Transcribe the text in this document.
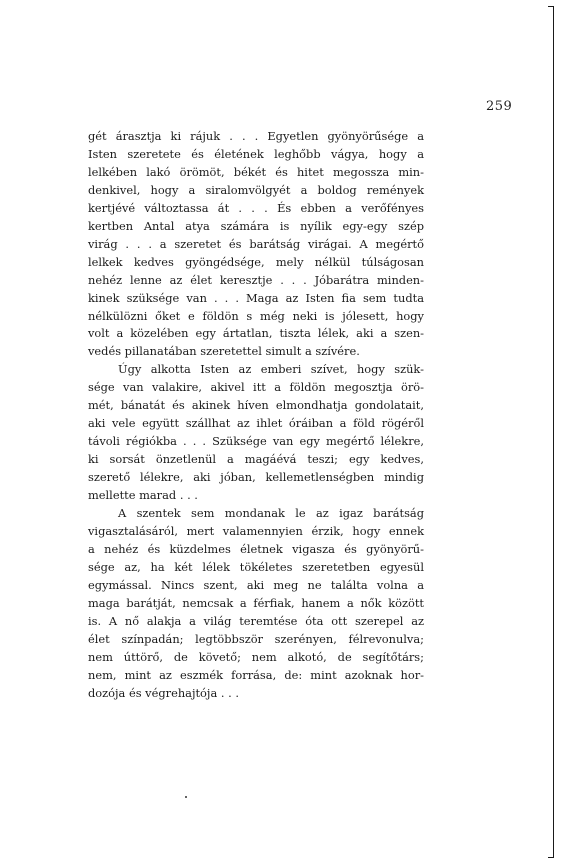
259
gét árasztja ki rájuk . . . Egyetlen gyönyörűsége a
Isten szeretete és életének leghőbb vágya, hogy a
lelkében lakó örömöt, békét és hitet megossza min-
denkivel, hogy a siralomvölgyét a boldog remények
kertjévé változtassa át . . . És ebben a verőfényes
kertben Antal atya számára is nyílik egy-egy szép
virág . . . a szeretet és barátság virágai. A megértő
lelkek kedves gyöngédsége, mely nélkül túlságosan
nehéz lenne az élet keresztje . . . Jóbarátra minden-
kinek szüksége van . . . Maga az Isten fia sem tudta
nélkülözni őket e földön s még neki is jólesett, hogy
volt a közelében egy ártatlan, tiszta lélek, aki a szen-
vedés pillanatában szeretettel simult a szívére.
Úgy alkotta Isten az emberi szívet, hogy szük-
sége van valakire, akivel itt a földön megosztja örö-
mét, bánatát és akinek híven elmondhatja gondolatait,
aki vele együtt szállhat az ihlet óráiban a föld rögéről
távoli régiókba . . . Szüksége van egy megértő lélekre,
ki sorsát önzetlenül a magáévá teszi; egy kedves,
szerető lélekre, aki jóban, kellemetlenségben mindig
mellette marad . . .
A szentek sem mondanak le az igaz barátság
vigasztalásáról, mert valamennyien érzik, hogy ennek
a nehéz és küzdelmes életnek vigasza és gyönyörű-
sége az, ha két lélek tökéletes szeretetben egyesül
egymással. Nincs szent, aki meg ne találta volna a
maga barátját, nemcsak a férfiak, hanem a nők között
is. A nő alakja a világ teremtése óta ott szerepel az
élet színpadán; legtöbbször szerényen, félrevonulva;
nem úttörő, de követő; nem alkotó, de segítőtárs;
nem, mint az eszmék forrása, de: mint azoknak hor-
dozója és végrehajtója . . .
